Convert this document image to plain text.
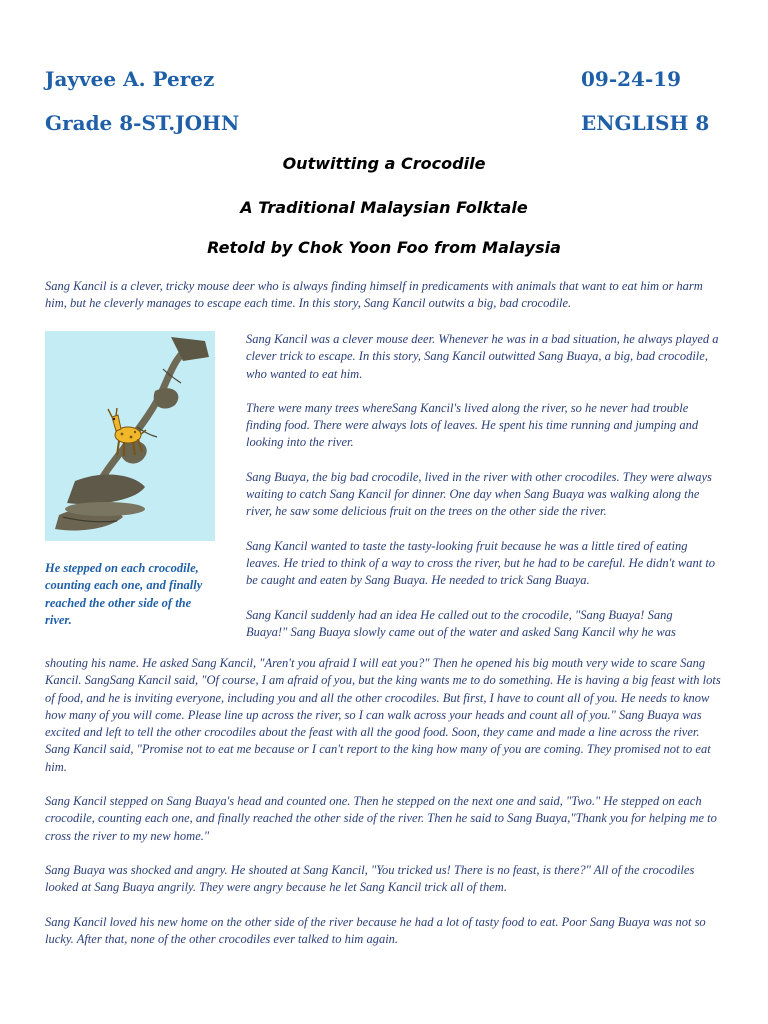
Jayvee A. Perez	09-24-19
Grade 8-ST.JOHN	ENGLISH 8
Outwitting a Crocodile
A Traditional Malaysian Folktale
Retold by Chok Yoon Foo from Malaysia

Sang Kancil is a clever, tricky mouse deer who is always finding himself in predicaments with animals that want to eat him or harm him, but he cleverly manages to escape each time. In this story, Sang Kancil outwits a big, bad crocodile.

He stepped on each crocodile, counting each one, and finally reached the other side of the river.

Sang Kancil was a clever mouse deer. Whenever he was in a bad situation, he always played a clever trick to escape. In this story, Sang Kancil outwitted Sang Buaya, a big, bad crocodile, who wanted to eat him.

There were many trees whereSang Kancil's lived along the river, so he never had trouble finding food. There were always lots of leaves. He spent his time running and jumping and looking into the river.

Sang Buaya, the big bad crocodile, lived in the river with other crocodiles. They were always waiting to catch Sang Kancil for dinner. One day when Sang Buaya was walking along the river, he saw some delicious fruit on the trees on the other side the river.

Sang Kancil wanted to taste the tasty-looking fruit because he was a little tired of eating leaves. He tried to think of a way to cross the river, but he had to be careful. He didn't want to be caught and eaten by Sang Buaya. He needed to trick Sang Buaya.

Sang Kancil suddenly had an idea He called out to the crocodile, "Sang Buaya! Sang
Buaya!" Sang Buaya slowly came out of the water and asked Sang Kancil why he was

shouting his name. He asked Sang Kancil, "Aren't you afraid I will eat you?" Then he opened his big mouth very wide to scare Sang Kancil. SangSang Kancil said, "Of course, I am afraid of you, but the king wants me to do something. He is having a big feast with lots of food, and he is inviting everyone, including you and all the other crocodiles. But first, I have to count all of you. He needs to know how many of you will come. Please line up across the river, so I can walk across your heads and count all of you." Sang Buaya was excited and left to tell the other crocodiles about the feast with all the good food. Soon, they came and made a line across the river. Sang Kancil said, "Promise not to eat me because or I can't report to the king how many of you are coming. They promised not to eat him.

Sang Kancil stepped on Sang Buaya's head and counted one. Then he stepped on the next one and said, "Two." He stepped on each crocodile, counting each one, and finally reached the other side of the river. Then he said to Sang Buaya,"Thank you for helping me to cross the river to my new home."

Sang Buaya was shocked and angry. He shouted at Sang Kancil, "You tricked us! There is no feast, is there?" All of the crocodiles looked at Sang Buaya angrily. They were angry because he let Sang Kancil trick all of them.

Sang Kancil loved his new home on the other side of the river because he had a lot of tasty food to eat. Poor Sang Buaya was not so lucky. After that, none of the other crocodiles ever talked to him again.
